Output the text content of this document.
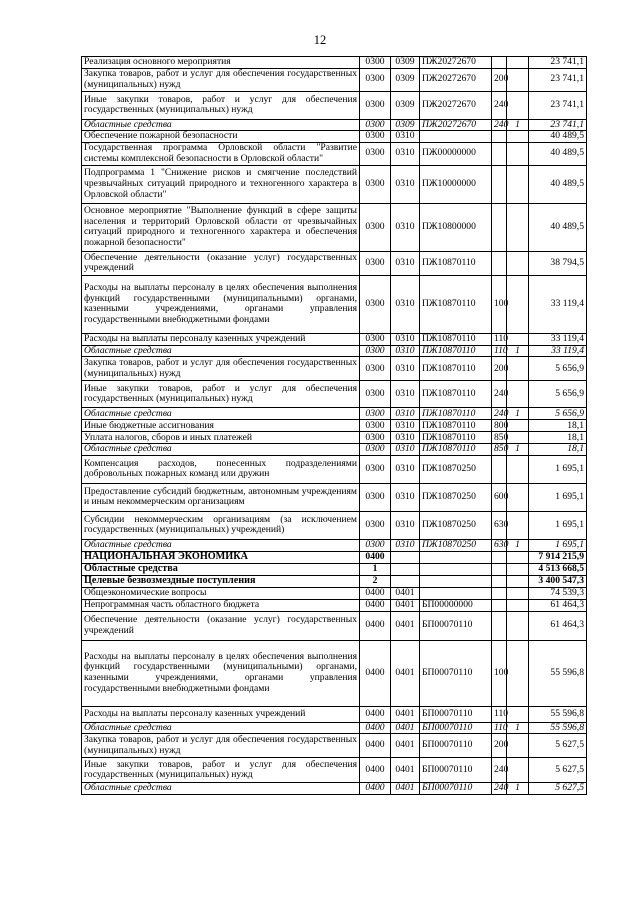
12
Реализация основного мероприятия	0300	0309	ПЖ20272670			23 741,1
Закупка товаров, работ и услуг для обеспечения государственных (муниципальных) нужд	0300	0309	ПЖ20272670	200		23 741,1
Иные закупки товаров, работ и услуг для обеспечения государственных (муниципальных) нужд	0300	0309	ПЖ20272670	240		23 741,1
Областные средства	0300	0309	ПЖ20272670	240	1	23 741,1
Обеспечение пожарной безопасности	0300	0310				40 489,5
Государственная программа Орловской области "Развитие системы комплексной безопасности в Орловской области"	0300	0310	ПЖ00000000			40 489,5
Подпрограмма 1 "Снижение рисков и смягчение последствий чрезвычайных ситуаций природного и техногенного характера в Орловской области"	0300	0310	ПЖ10000000			40 489,5
Основное мероприятие "Выполнение функций в сфере защиты населения и территорий Орловской области от чрезвычайных ситуаций природного и техногенного характера и обеспечения пожарной безопасности"	0300	0310	ПЖ10800000			40 489,5
Обеспечение деятельности (оказание услуг) государственных учреждений	0300	0310	ПЖ10870110			38 794,5
Расходы на выплаты персоналу в целях обеспечения выполнения функций государственными (муниципальными) органами, казенными учреждениями, органами управления государственными внебюджетными фондами	0300	0310	ПЖ10870110	100		33 119,4
Расходы на выплаты персоналу казенных учреждений	0300	0310	ПЖ10870110	110		33 119,4
Областные средства	0300	0310	ПЖ10870110	110	1	33 119,4
Закупка товаров, работ и услуг для обеспечения государственных (муниципальных) нужд	0300	0310	ПЖ10870110	200		5 656,9
Иные закупки товаров, работ и услуг для обеспечения государственных (муниципальных) нужд	0300	0310	ПЖ10870110	240		5 656,9
Областные средства	0300	0310	ПЖ10870110	240	1	5 656,9
Иные бюджетные ассигнования	0300	0310	ПЖ10870110	800		18,1
Уплата налогов, сборов и иных платежей	0300	0310	ПЖ10870110	850		18,1
Областные средства	0300	0310	ПЖ10870110	850	1	18,1
Компенсация расходов, понесенных подразделениями добровольных пожарных команд или дружин	0300	0310	ПЖ10870250			1 695,1
Предоставление субсидий бюджетным, автономным учреждениям и иным некоммерческим организациям	0300	0310	ПЖ10870250	600		1 695,1
Субсидии некоммерческим организациям (за исключением государственных (муниципальных) учреждений)	0300	0310	ПЖ10870250	630		1 695,1
Областные средства	0300	0310	ПЖ10870250	630	1	1 695,1
НАЦИОНАЛЬНАЯ ЭКОНОМИКА	0400					7 914 215,9
Областные средства	1					4 513 668,5
Целевые безвозмездные поступления	2					3 400 547,3
Общеэкономические вопросы	0400	0401				74 539,3
Непрограммная часть областного бюджета	0400	0401	БП00000000			61 464,3
Обеспечение деятельности (оказание услуг) государственных учреждений	0400	0401	БП00070110			61 464,3
Расходы на выплаты персоналу в целях обеспечения выполнения функций государственными (муниципальными) органами, казенными учреждениями, органами управления государственными внебюджетными фондами	0400	0401	БП00070110	100		55 596,8
Расходы на выплаты персоналу казенных учреждений	0400	0401	БП00070110	110		55 596,8
Областные средства	0400	0401	БП00070110	110	1	55 596,8
Закупка товаров, работ и услуг для обеспечения государственных (муниципальных) нужд	0400	0401	БП00070110	200		5 627,5
Иные закупки товаров, работ и услуг для обеспечения государственных (муниципальных) нужд	0400	0401	БП00070110	240		5 627,5
Областные средства	0400	0401	БП00070110	240	1	5 627,5
